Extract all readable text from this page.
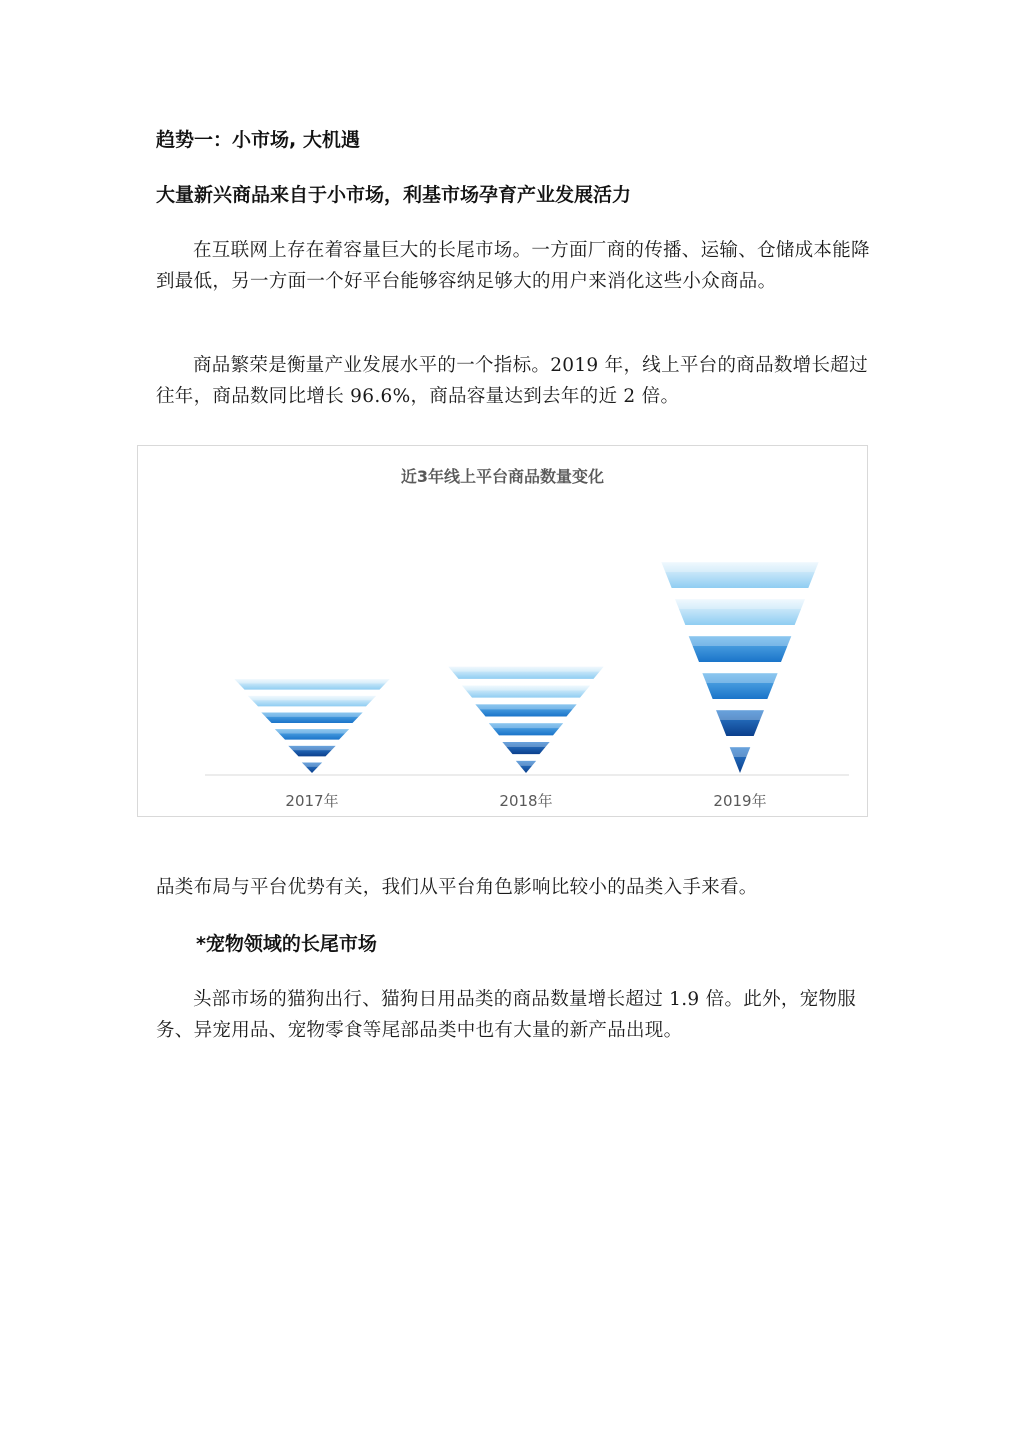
趋势一：小市场, 大机遇
大量新兴商品来自于小市场，利基市场孕育产业发展活力
在互联网上存在着容量巨大的长尾市场。一方面厂商的传播、运输、仓储成本能降到最低，另一方面一个好平台能够容纳足够大的用户来消化这些小众商品。
商品繁荣是衡量产业发展水平的一个指标。2019 年，线上平台的商品数增长超过往年，商品数同比增长 96.6%，商品容量达到去年的近 2 倍。
近3年线上平台商品数量变化
2017年	2018年	2019年
品类布局与平台优势有关，我们从平台角色影响比较小的品类入手来看。
*宠物领域的长尾市场
头部市场的猫狗出行、猫狗日用品类的商品数量增长超过 1.9 倍。此外，宠物服务、异宠用品、宠物零食等尾部品类中也有大量的新产品出现。
